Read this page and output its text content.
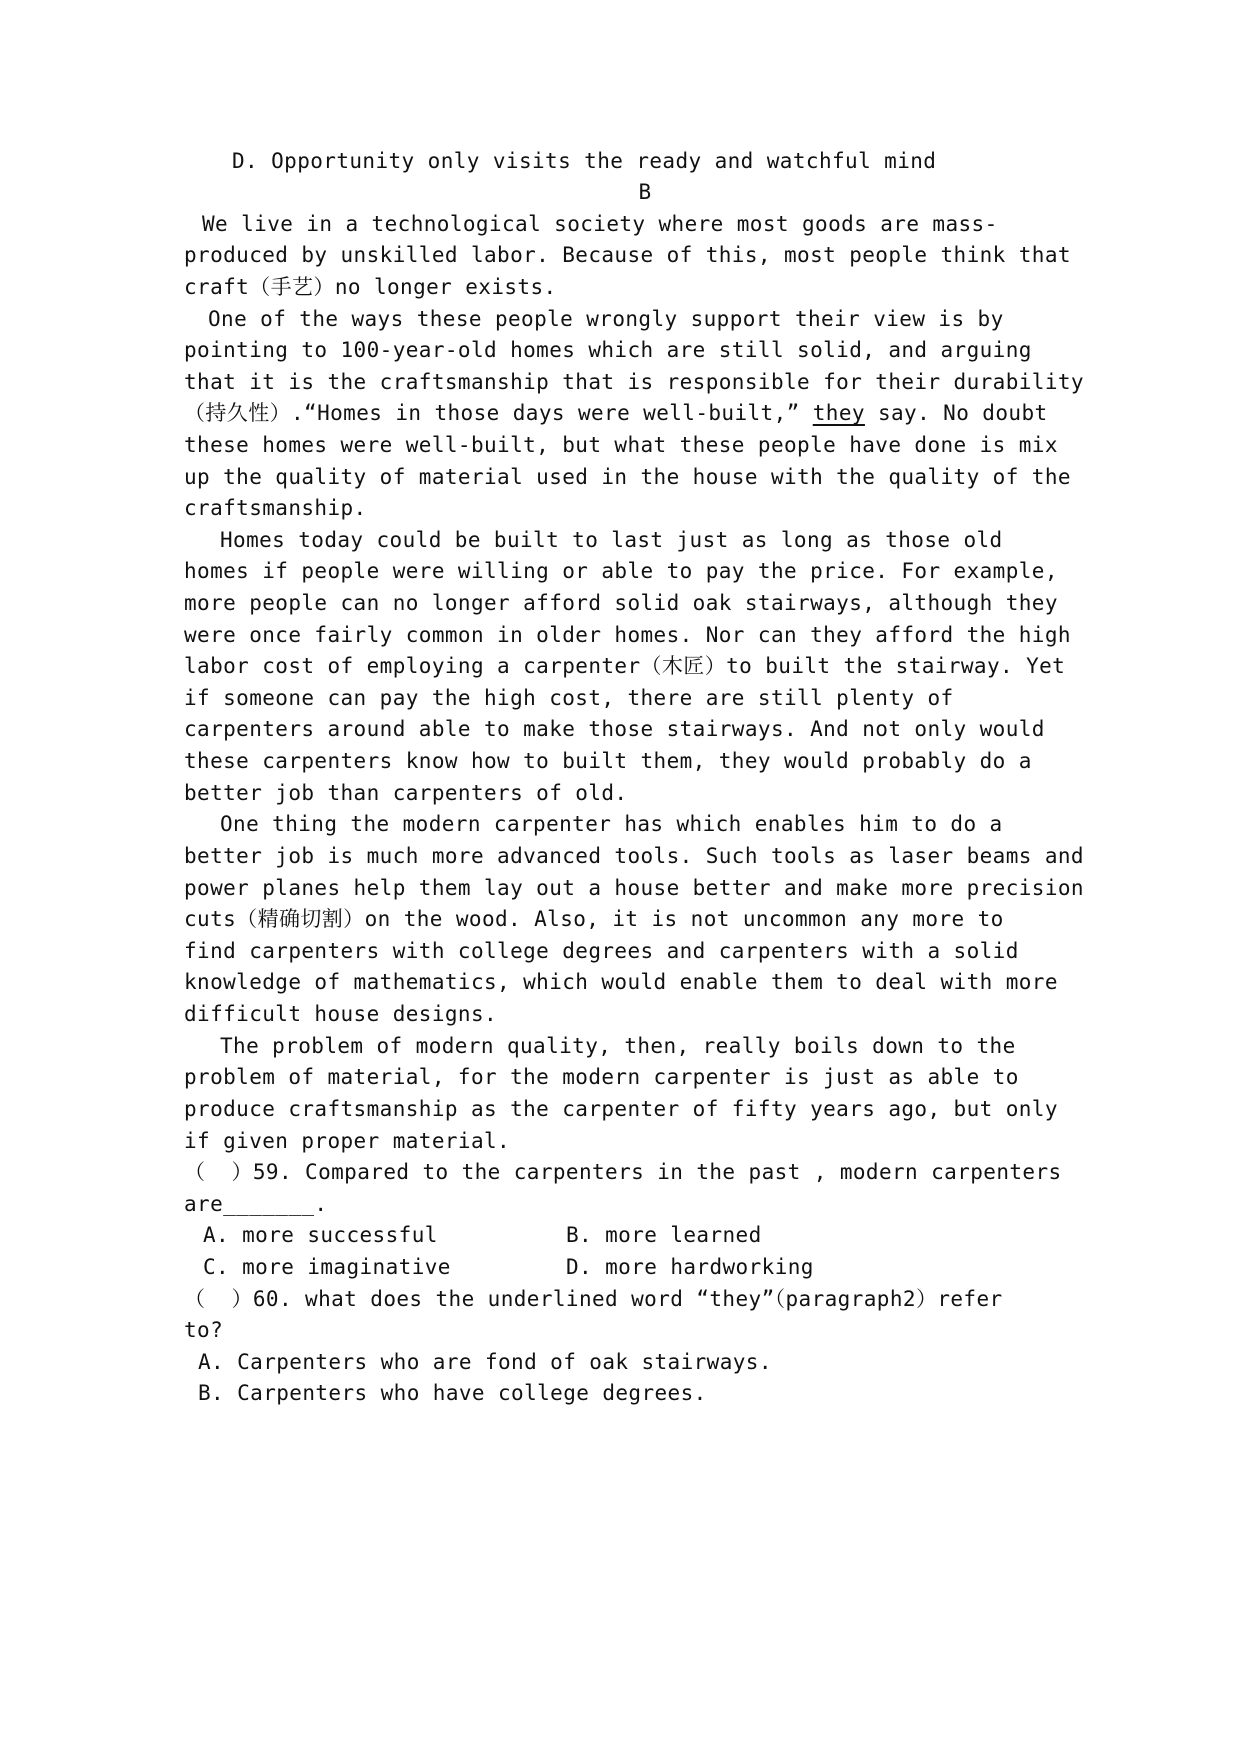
D. Opportunity only visits the ready and watchful mind
B
We live in a technological society where most goods are mass-
produced by unskilled labor. Because of this, most people think that
craft（手艺）no longer exists.
One of the ways these people wrongly support their view is by
pointing to 100-year-old homes which are still solid, and arguing
that it is the craftsmanship that is responsible for their durability
（持久性）.“Homes in those days were well-built,” they say. No doubt
these homes were well-built, but what these people have done is mix
up the quality of material used in the house with the quality of the
craftsmanship.
Homes today could be built to last just as long as those old
homes if people were willing or able to pay the price. For example,
more people can no longer afford solid oak stairways, although they
were once fairly common in older homes. Nor can they afford the high
labor cost of employing a carpenter（木匠）to built the stairway. Yet
if someone can pay the high cost, there are still plenty of
carpenters around able to make those stairways. And not only would
these carpenters know how to built them, they would probably do a
better job than carpenters of old.
One thing the modern carpenter has which enables him to do a
better job is much more advanced tools. Such tools as laser beams and
power planes help them lay out a house better and make more precision
cuts（精确切割）on the wood. Also, it is not uncommon any more to
find carpenters with college degrees and carpenters with a solid
knowledge of mathematics, which would enable them to deal with more
difficult house designs.
The problem of modern quality, then, really boils down to the
problem of material, for the modern carpenter is just as able to
produce craftsmanship as the carpenter of fifty years ago, but only
if given proper material.
（  ）59. Compared to the carpenters in the past , modern carpenters
are_______.
A. more successful	B. more learned
C. more imaginative	D. more hardworking
（  ）60. what does the underlined word “they”（paragraph2）refer
to?
A. Carpenters who are fond of oak stairways.
B. Carpenters who have college degrees.
